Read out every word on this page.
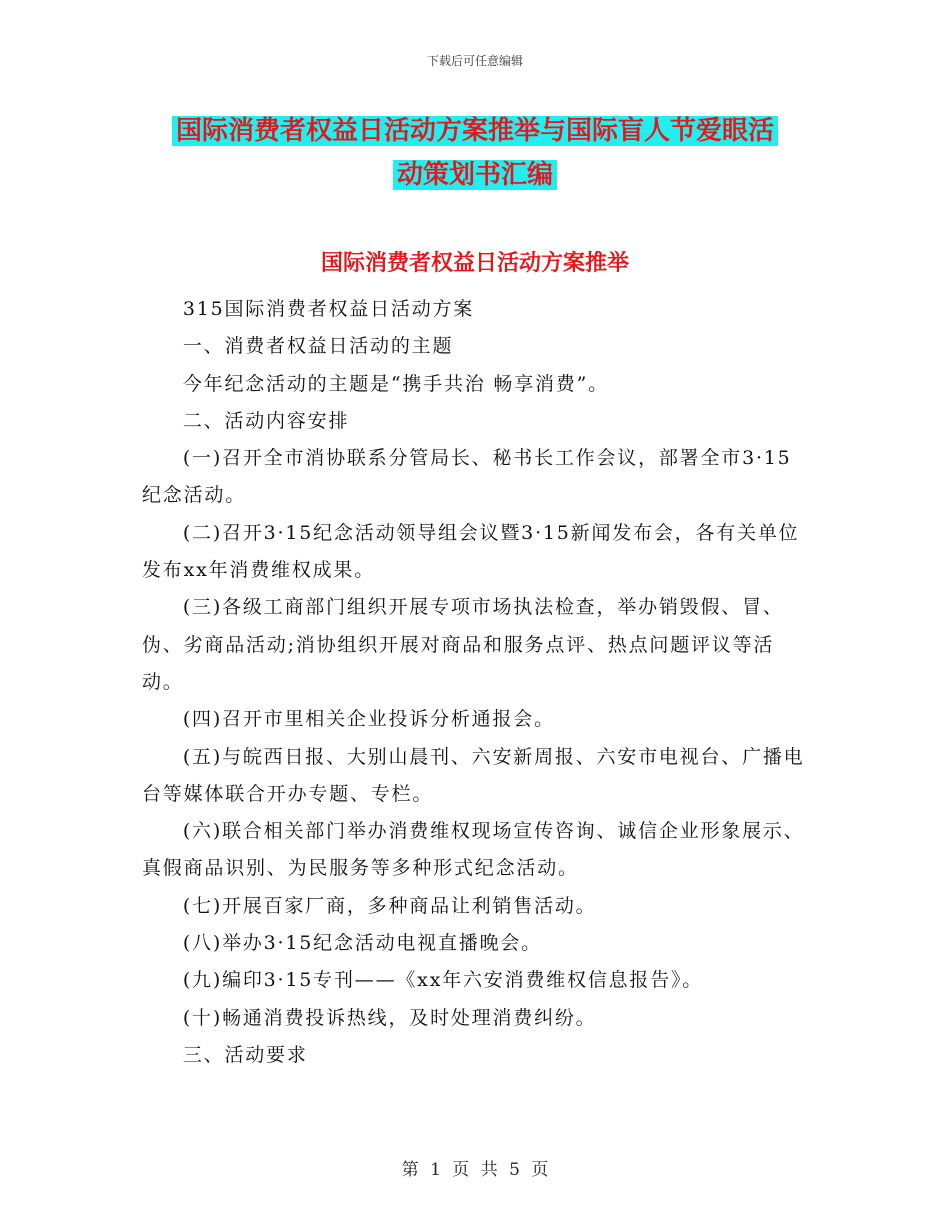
下载后可任意编辑
国际消费者权益日活动方案推举与国际盲人节爱眼活
动策划书汇编
国际消费者权益日活动方案推举

315国际消费者权益日活动方案

一、消费者权益日活动的主题

今年纪念活动的主题是“携手共治 畅享消费”。

二、活动内容安排

(一)召开全市消协联系分管局长、秘书长工作会议，部署全市3·15纪念活动。

(二)召开3·15纪念活动领导组会议暨3·15新闻发布会，各有关单位发布xx年消费维权成果。

(三)各级工商部门组织开展专项市场执法检查，举办销毁假、冒、伪、劣商品活动;消协组织开展对商品和服务点评、热点问题评议等活动。

(四)召开市里相关企业投诉分析通报会。

(五)与皖西日报、大别山晨刊、六安新周报、六安市电视台、广播电台等媒体联合开办专题、专栏。

(六)联合相关部门举办消费维权现场宣传咨询、诚信企业形象展示、真假商品识别、为民服务等多种形式纪念活动。

(七)开展百家厂商，多种商品让利销售活动。

(八)举办3·15纪念活动电视直播晚会。

(九)编印3·15专刊——《xx年六安消费维权信息报告》。

(十)畅通消费投诉热线，及时处理消费纠纷。

三、活动要求

第 1 页 共 5 页
